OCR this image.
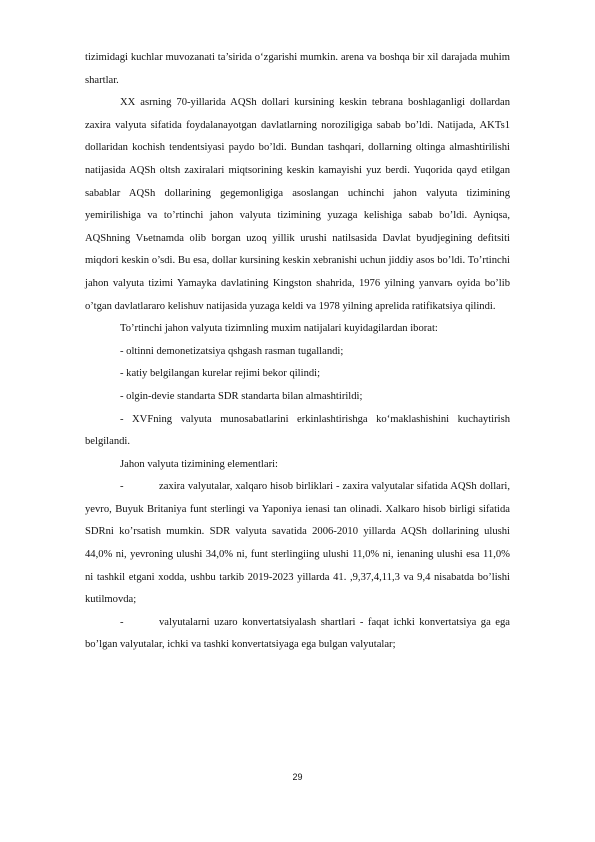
tizimidagi kuchlar muvozanati ta’sirida o‘zgarishi mumkin. arena va boshqa bir xil darajada muhim shartlar.

XX asrning 70-yillarida AQSh dollari kursining keskin tebrana boshlaganligi dollardan zaxira valyuta sifatida foydalanayotgan davlatlarning noroziligiga sabab bo’ldi. Natijada, AKTs1 dollaridan kochish tendentsiyasi paydo bo’ldi. Bundan tashqari, dollarning oltinga almashtirilishi natijasida AQSh oltsh zaxiralari miqtsorining keskin kamayishi yuz berdi. Yuqorida qayd etilgan sabablar AQSh dollarining gegemonligiga asoslangan uchinchi jahon valyuta tizimining yemirilishiga va to’rtinchi jahon valyuta tizimining yuzaga kelishiga sabab bo’ldi. Ayniqsa, AQShning Vьetnamda olib borgan uzoq yillik urushi natilsasida Davlat byudjegining defitsiti miqdori keskin o’sdi. Bu esa, dollar kursining keskin xebranishi uchun jiddiy asos bo’ldi. To’rtinchi jahon valyuta tizimi Yamayka davlatining Kingston shahrida, 1976 yilning yanvarь oyida bo’lib o’tgan davlatlararo kelishuv natijasida yuzaga keldi va 1978 yilning aprelida ratifikatsiya qilindi.

To’rtinchi jahon valyuta tizimnling muxim natijalari kuyidagilardan iborat:

- oltinni demonetizatsiya qshgash rasman tugallandi;

- katiy belgilangan kurelar rejimi bekor qilindi;

- olgin-devie standarta SDR standarta bilan almashtirildi;

- XVFning valyuta munosabatlarini erkinlashtirishga ko‘maklashishini kuchaytirish belgilandi.

Jahon valyuta tizimining elementlari:

-	zaxira valyutalar, xalqaro hisob birliklari - zaxira valyutalar sifatida AQSh dollari, yevro, Buyuk Britaniya funt sterlingi va Yaponiya ienasi tan olinadi. Xalkaro hisob birligi sifatida SDRni ko’rsatish mumkin. SDR valyuta savatida 2006-2010 yillarda AQSh dollarining ulushi 44,0% ni, yevroning ulushi 34,0% ni, funt sterlingiing ulushi 11,0% ni, ienaning ulushi esa 11,0% ni tashkil etgani xodda, ushbu tarkib 2019-2023 yillarda 41. ,9,37,4,11,3 va 9,4 nisabatda bo’lishi kutilmovda;

-	valyutalarni uzaro konvertatsiyalash shartlari - faqat ichki konvertatsiya ga ega bo’lgan valyutalar, ichki va tashki konvertatsiyaga ega bulgan valyutalar;

29
